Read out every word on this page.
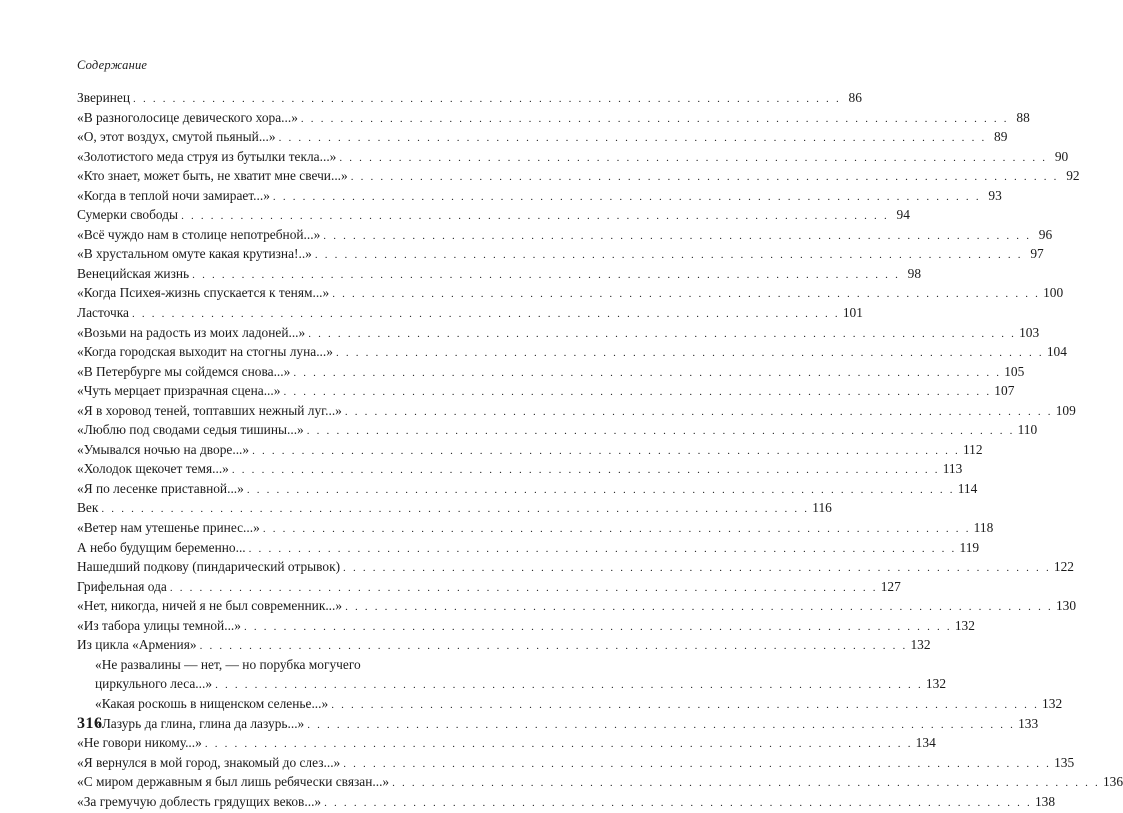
Содержание
Зверинец . . .	86
«В разноголосице девического хора...» . . .	88
«О, этот воздух, смутой пьяный...» . . .	89
«Золотистого меда струя из бутылки текла...» . . .	90
«Кто знает, может быть, не хватит мне свечи...» . . .	92
«Когда в теплой ночи замирает...» . . .	93
Сумерки свободы . . .	94
«Всё чуждо нам в столице непотребной...» . . .	96
«В хрустальном омуте какая крутизна!..» . . .	97
Венецийская жизнь . . .	98
«Когда Психея-жизнь спускается к теням...» . . .	100
Ласточка . . .	101
«Возьми на радость из моих ладоней...» . . .	103
«Когда городская выходит на стогны луна...» . . .	104
«В Петербурге мы сойдемся снова...» . . .	105
«Чуть мерцает призрачная сцена...» . . .	107
«Я в хоровод теней, топтавших нежный луг...» . . .	109
«Люблю под сводами седыя тишины...» . . .	110
«Умывался ночью на дворе...» . . .	112
«Холодок щекочет темя...» . . .	113
«Я по лесенке приставной...» . . .	114
Век . . .	116
«Ветер нам утешенье принес...» . . .	118
А небо будущим беременно... . . .	119
Нашедший подкову (пиндарический отрывок) . . .	122
Грифельная ода . . .	127
«Нет, никогда, ничей я не был современник...» . . .	130
«Из табора улицы темной...» . . .	132
Из цикла «Армения» . . .	132
«Не развалины — нет, — но порубка могучего
циркульного леса...» . . .	132
«Какая роскошь в нищенском селенье...» . . .	132
«Лазурь да глина, глина да лазурь...» . . .	133
«Не говори никому...» . . .	134
«Я вернулся в мой город, знакомый до слез...» . . .	135
«С миром державным я был лишь ребячески связан...» . . .	136
«За гремучую доблесть грядущих веков...» . . .	138
316
